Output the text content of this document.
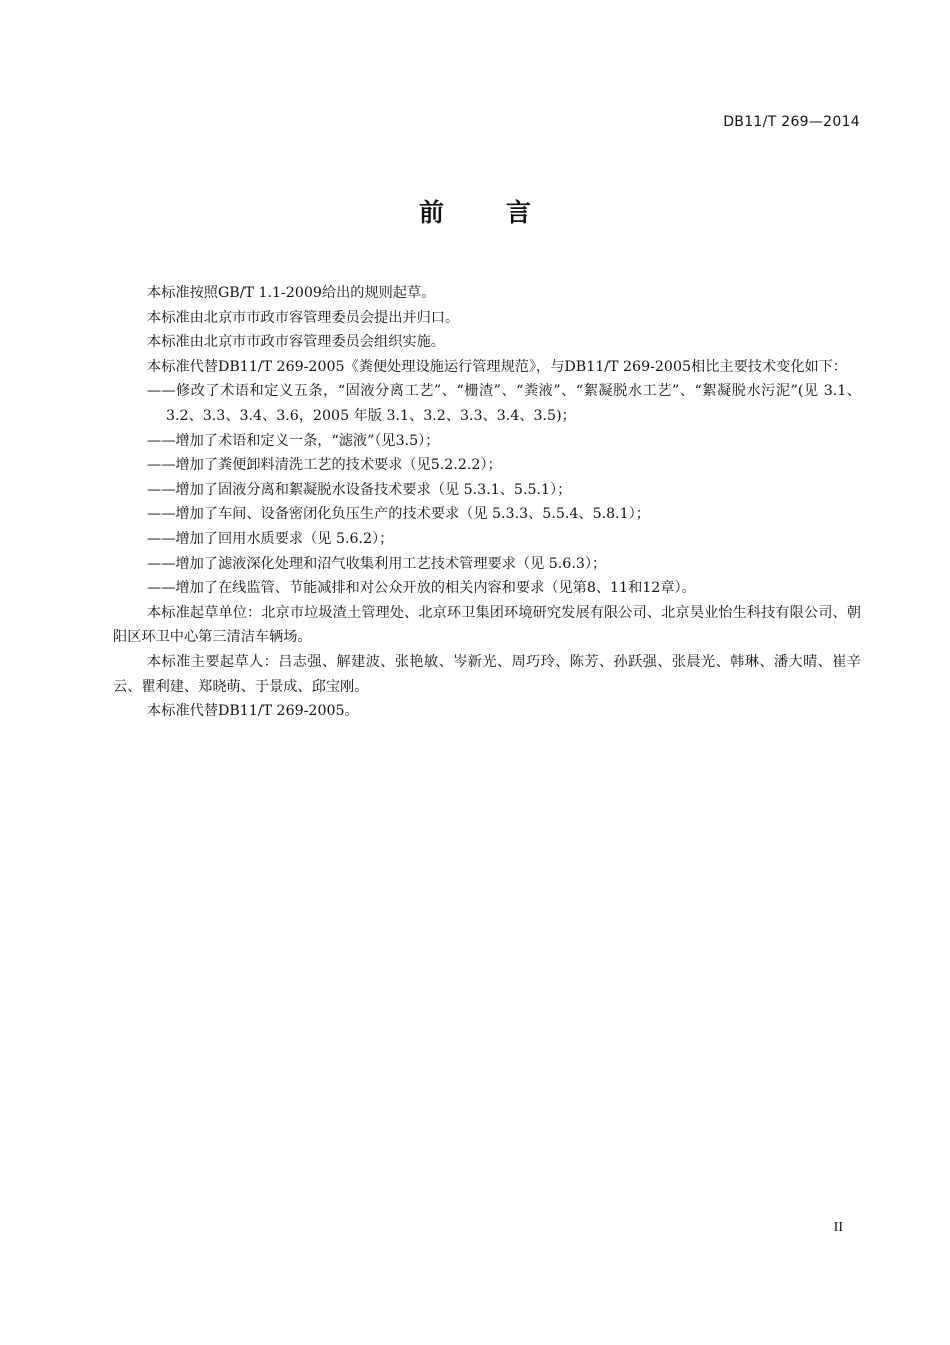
DB11/T 269—2014
前言

本标准按照GB/T 1.1-2009给出的规则起草。

本标准由北京市市政市容管理委员会提出并归口。

本标准由北京市市政市容管理委员会组织实施。

本标准代替DB11/T 269-2005《粪便处理设施运行管理规范》，与DB11/T 269-2005相比主要技术变化如下：

——修改了术语和定义五条，“固液分离工艺”、“栅渣”、“粪液”、“絮凝脱水工艺”、“絮凝脱水污泥”(见 3.1、3.2、3.3、3.4、3.6，2005 年版 3.1、3.2、3.3、3.4、3.5)；

——增加了术语和定义一条，“滤液”（见3.5）；

——增加了粪便卸料清洗工艺的技术要求（见5.2.2.2）；

——增加了固液分离和絮凝脱水设备技术要求（见 5.3.1、5.5.1）；

——增加了车间、设备密闭化负压生产的技术要求（见 5.3.3、5.5.4、5.8.1）；

——增加了回用水质要求（见 5.6.2）；

——增加了滤液深化处理和沼气收集利用工艺技术管理要求（见 5.6.3）；

——增加了在线监管、节能减排和对公众开放的相关内容和要求（见第8、11和12章）。

本标准起草单位：北京市垃圾渣土管理处、北京环卫集团环境研究发展有限公司、北京昊业怡生科技有限公司、朝阳区环卫中心第三清洁车辆场。

本标准主要起草人：吕志强、解建波、张艳敏、岑新光、周巧玲、陈芳、孙跃强、张晨光、韩琳、潘大晴、崔辛云、瞿利建、郑晓萌、于景成、邱宝刚。

本标准代替DB11/T 269-2005。

II
